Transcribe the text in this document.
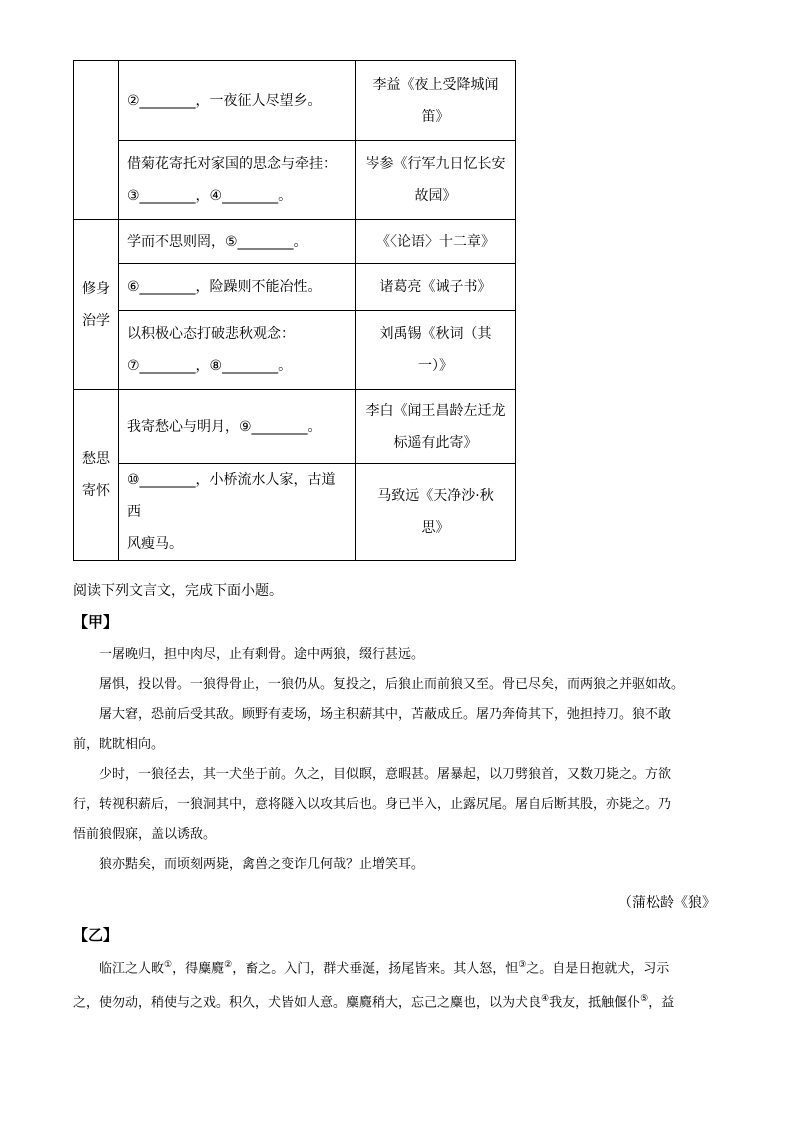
	②________，一夜征人尽望乡。	李益《夜上受降城闻
笛》
	借菊花寄托对家国的思念与牵挂：
③________，④________。	岑参《行军九日忆长安
故园》
修身
治学	学而不思则罔，⑤________。	《〈论语〉十二章》
	⑥________，险躁则不能冶性。	诸葛亮《诫子书》
	以积极心态打破悲秋观念：
⑦________，⑧________。	刘禹锡《秋词（其
一）》
愁思
寄怀	我寄愁心与明月，⑨________。	李白《闻王昌龄左迁龙
标遥有此寄》
	⑩________，小桥流水人家，古道西
风瘦马。	马致远《天净沙·秋
思》
阅读下列文言文，完成下面小题。
【甲】
　　一屠晚归，担中肉尽，止有剩骨。途中两狼，缀行甚远。
　　屠惧，投以骨。一狼得骨止，一狼仍从。复投之，后狼止而前狼又至。骨已尽矣，而两狼之并驱如故。
　　屠大窘，恐前后受其敌。顾野有麦场，场主积薪其中，苫蔽成丘。屠乃奔倚其下，弛担持刀。狼不敢
前，眈眈相向。
　　少时，一狼径去，其一犬坐于前。久之，目似瞑，意暇甚。屠暴起，以刀劈狼首，又数刀毙之。方欲
行，转视积薪后，一狼洞其中，意将隧入以攻其后也。身已半入，止露尻尾。屠自后断其股，亦毙之。乃
悟前狼假寐，盖以诱敌。
　　狼亦黠矣，而顷刻两毙，禽兽之变诈几何哉？止增笑耳。
（蒲松龄《狼》
【乙】
　　临江之人畋①，得麋麑②，畜之。入门，群犬垂涎，扬尾皆来。其人怒，怛③之。自是日抱就犬，习示
之，使勿动，稍使与之戏。积久，犬皆如人意。麋麑稍大，忘己之麋也，以为犬良④我友，抵触偃仆⑤，益
